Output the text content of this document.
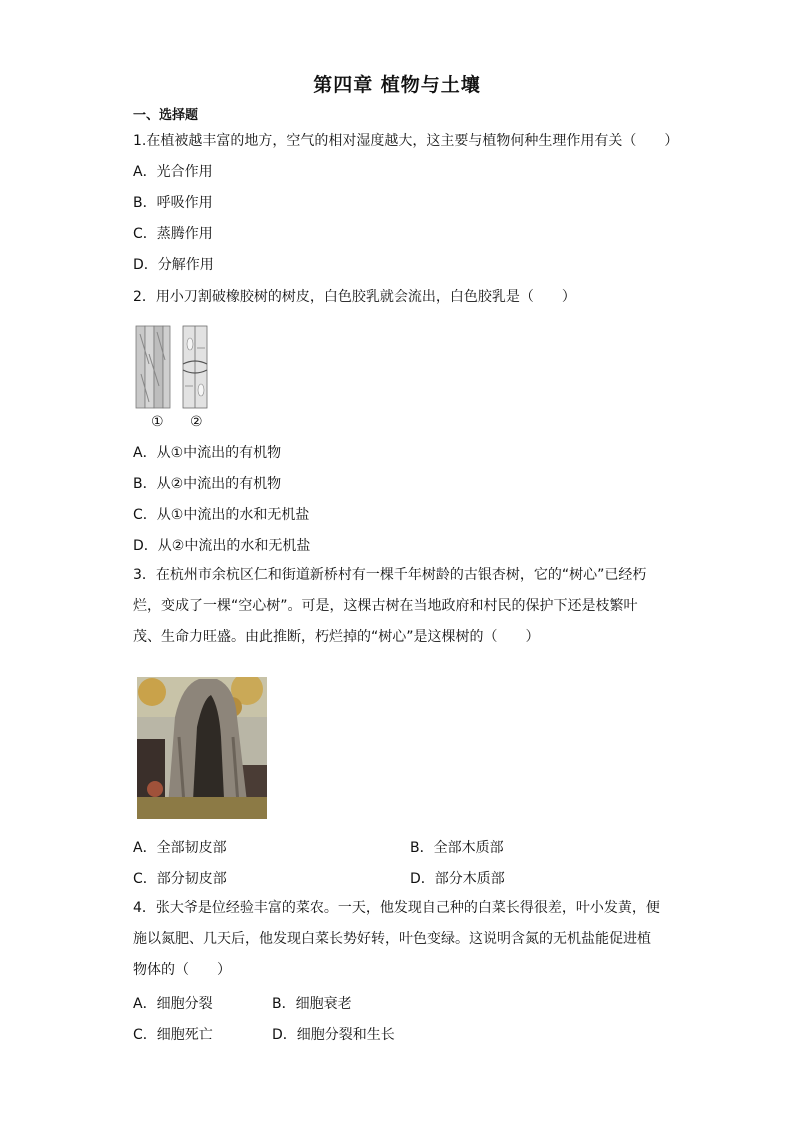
第四章 植物与土壤
一、选择题
1.在植被越丰富的地方，空气的相对湿度越大，这主要与植物何种生理作用有关（　　）
A．光合作用
B．呼吸作用
C．蒸腾作用
D．分解作用
2．用小刀割破橡胶树的树皮，白色胶乳就会流出，白色胶乳是（　　）
① ②
A．从①中流出的有机物
B．从②中流出的有机物
C．从①中流出的水和无机盐
D．从②中流出的水和无机盐
3．在杭州市余杭区仁和街道新桥村有一棵千年树龄的古银杏树，它的“树心”已经朽烂，变成了一棵“空心树”。可是，这棵古树在当地政府和村民的保护下还是枝繁叶茂、生命力旺盛。由此推断，朽烂掉的“树心”是这棵树的（　　）
A．全部韧皮部	B．全部木质部
C．部分韧皮部	D．部分木质部
4．张大爷是位经验丰富的菜农。一天，他发现自己种的白菜长得很差，叶小发黄，便施以氮肥、几天后，他发现白菜长势好转，叶色变绿。这说明含氮的无机盐能促进植物体的（　　）
A．细胞分裂	B．细胞衰老
C．细胞死亡	D．细胞分裂和生长
